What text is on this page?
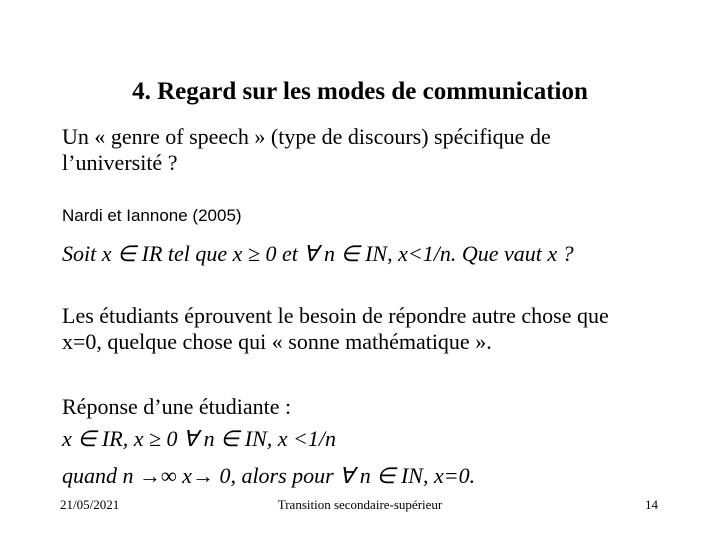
4. Regard sur les modes de communication
Un « genre of speech » (type de discours) spécifique de
l’université ?
Nardi et Iannone (2005)
Soit x ∈ IR tel que x ≥ 0 et ∀ n ∈ IN, x<1/n. Que vaut x ?
Les étudiants éprouvent le besoin de répondre autre chose que
x=0, quelque chose qui « sonne mathématique ».
Réponse d’une étudiante :
x ∈ IR, x ≥ 0 ∀ n ∈ IN, x <1/n
quand n →∞ x→ 0, alors pour ∀ n ∈ IN, x=0.
21/05/2021	Transition secondaire-supérieur	14
